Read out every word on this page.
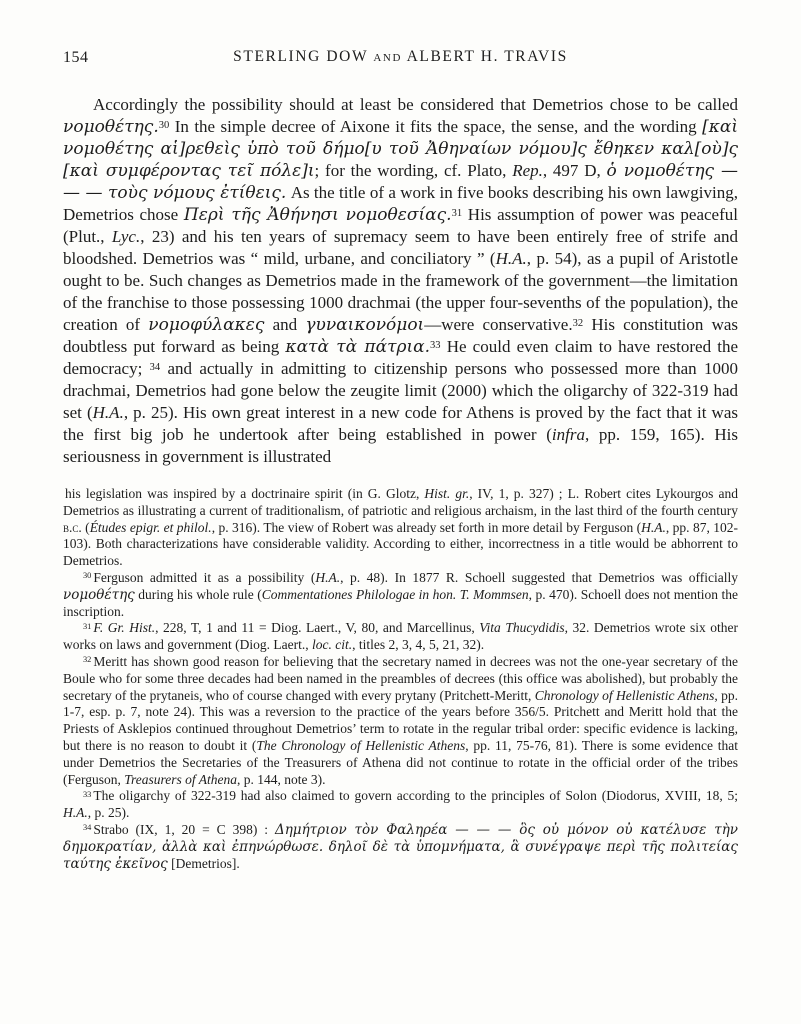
154	STERLING DOW and ALBERT H. TRAVIS

Accordingly the possibility should at least be considered that Demetrios chose to be called νομοθέτης.$^{30}$ In the simple decree of Aixone it fits the space, the sense, and the wording [καὶ νομοθέτης αἱ]ρεθεὶς ὑπὸ τοῦ δήμο[υ τοῦ Ἀθηναίων νόμου]ς ἔθηκεν καλ[οὺ]ς [καὶ συμφέροντας τεῖ πόλε]ι; for the wording, cf. Plato, Rep., 497 D, ὁ νομοθέτης — — — τοὺς νόμους ἐτίθεις. As the title of a work in five books describing his own lawgiving, Demetrios chose Περὶ τῆς Ἀθήνησι νομοθεσίας.$^{31}$ His assumption of power was peaceful (Plut., Lyc., 23) and his ten years of supremacy seem to have been entirely free of strife and bloodshed. Demetrios was “ mild, urbane, and conciliatory ” (H.A., p. 54), as a pupil of Aristotle ought to be. Such changes as Demetrios made in the framework of the government—the limitation of the franchise to those possessing 1000 drachmai (the upper four-sevenths of the population), the creation of νομοφύλακες and γυναικονόμοι—were conservative.$^{32}$ His constitution was doubtless put forward as being κατὰ τὰ πάτρια.$^{33}$ He could even claim to have restored the democracy; $^{34}$ and actually in admitting to citizenship persons who possessed more than 1000 drachmai, Demetrios had gone below the zeugite limit (2000) which the oligarchy of 322-319 had set (H.A., p. 25). His own great interest in a new code for Athens is proved by the fact that it was the first big job he undertook after being established in power (infra, pp. 159, 165). His seriousness in government is illustrated

his legislation was inspired by a doctrinaire spirit (in G. Glotz, Hist. gr., IV, 1, p. 327) ; L. Robert cites Lykourgos and Demetrios as illustrating a current of traditionalism, of patriotic and religious archaism, in the last third of the fourth century b.c. (Études epigr. et philol., p. 316). The view of Robert was already set forth in more detail by Ferguson (H.A., pp. 87, 102-103). Both characterizations have considerable validity. According to either, incorrectness in a title would be abhorrent to Demetrios.

$^{30}$ Ferguson admitted it as a possibility (H.A., p. 48). In 1877 R. Schoell suggested that Demetrios was officially νομοθέτης during his whole rule (Commentationes Philologae in hon. T. Mommsen, p. 470). Schoell does not mention the inscription.

$^{31}$ F. Gr. Hist., 228, T, 1 and 11 = Diog. Laert., V, 80, and Marcellinus, Vita Thucydidis, 32. Demetrios wrote six other works on laws and government (Diog. Laert., loc. cit., titles 2, 3, 4, 5, 21, 32).

$^{32}$ Meritt has shown good reason for believing that the secretary named in decrees was not the one-year secretary of the Boule who for some three decades had been named in the preambles of decrees (this office was abolished), but probably the secretary of the prytaneis, who of course changed with every prytany (Pritchett-Meritt, Chronology of Hellenistic Athens, pp. 1-7, esp. p. 7, note 24). This was a reversion to the practice of the years before 356/5. Pritchett and Meritt hold that the Priests of Asklepios continued throughout Demetrios’ term to rotate in the regular tribal order: specific evidence is lacking, but there is no reason to doubt it (The Chronology of Hellenistic Athens, pp. 11, 75-76, 81). There is some evidence that under Demetrios the Secretaries of the Treasurers of Athena did not continue to rotate in the official order of the tribes (Ferguson, Treasurers of Athena, p. 144, note 3).

$^{33}$ The oligarchy of 322-319 had also claimed to govern according to the principles of Solon (Diodorus, XVIII, 18, 5; H.A., p. 25).

$^{34}$ Strabo (IX, 1, 20 = C 398) : Δημήτριον τὸν Φαληρέα — — — ὃς οὐ μόνον οὐ κατέλυσε τὴν δημοκρατίαν, ἀλλὰ καὶ ἐπηνώρθωσε. δηλοῖ δὲ τὰ ὑπομνήματα, ἃ συνέγραψε περὶ τῆς πολιτείας ταύτης ἐκεῖνος [Demetrios].
